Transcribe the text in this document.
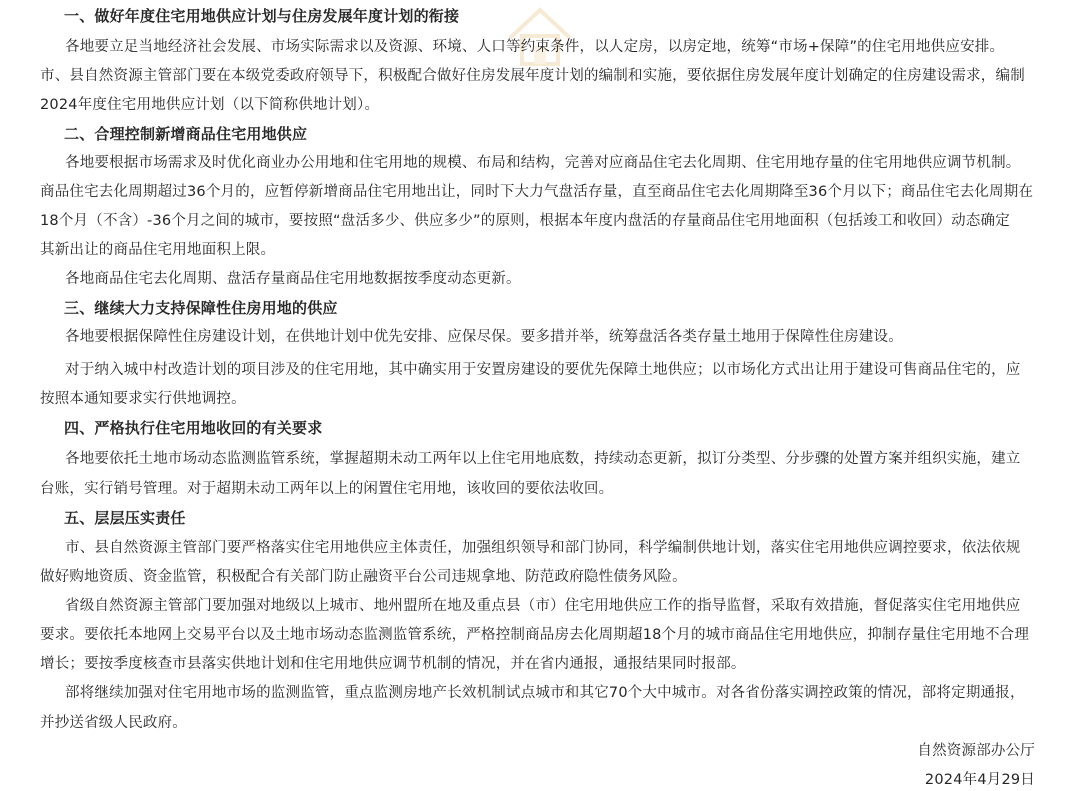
一、做好年度住宅用地供应计划与住房发展年度计划的衔接
各地要立足当地经济社会发展、市场实际需求以及资源、环境、人口等约束条件，以人定房，以房定地，统筹“市场+保障”的住宅用地供应安排。
市、县自然资源主管部门要在本级党委政府领导下，积极配合做好住房发展年度计划的编制和实施，要依据住房发展年度计划确定的住房建设需求，编制
2024年度住宅用地供应计划（以下简称供地计划）。
二、合理控制新增商品住宅用地供应
各地要根据市场需求及时优化商业办公用地和住宅用地的规模、布局和结构，完善对应商品住宅去化周期、住宅用地存量的住宅用地供应调节机制。
商品住宅去化周期超过36个月的，应暂停新增商品住宅用地出让，同时下大力气盘活存量，直至商品住宅去化周期降至36个月以下；商品住宅去化周期在
18个月（不含）-36个月之间的城市，要按照“盘活多少、供应多少”的原则，根据本年度内盘活的存量商品住宅用地面积（包括竣工和收回）动态确定
其新出让的商品住宅用地面积上限。
各地商品住宅去化周期、盘活存量商品住宅用地数据按季度动态更新。
三、继续大力支持保障性住房用地的供应
各地要根据保障性住房建设计划，在供地计划中优先安排、应保尽保。要多措并举，统筹盘活各类存量土地用于保障性住房建设。
对于纳入城中村改造计划的项目涉及的住宅用地，其中确实用于安置房建设的要优先保障土地供应；以市场化方式出让用于建设可售商品住宅的，应
按照本通知要求实行供地调控。
四、严格执行住宅用地收回的有关要求
各地要依托土地市场动态监测监管系统，掌握超期未动工两年以上住宅用地底数，持续动态更新，拟订分类型、分步骤的处置方案并组织实施，建立
台账，实行销号管理。对于超期未动工两年以上的闲置住宅用地，该收回的要依法收回。
五、层层压实责任
市、县自然资源主管部门要严格落实住宅用地供应主体责任，加强组织领导和部门协同，科学编制供地计划，落实住宅用地供应调控要求，依法依规
做好购地资质、资金监管，积极配合有关部门防止融资平台公司违规拿地、防范政府隐性债务风险。
省级自然资源主管部门要加强对地级以上城市、地州盟所在地及重点县（市）住宅用地供应工作的指导监督，采取有效措施，督促落实住宅用地供应
要求。要依托本地网上交易平台以及土地市场动态监测监管系统，严格控制商品房去化周期超18个月的城市商品住宅用地供应，抑制存量住宅用地不合理
增长；要按季度核查市县落实供地计划和住宅用地供应调节机制的情况，并在省内通报，通报结果同时报部。
部将继续加强对住宅用地市场的监测监管，重点监测房地产长效机制试点城市和其它70个大中城市。对各省份落实调控政策的情况，部将定期通报，
并抄送省级人民政府。
自然资源部办公厅
2024年4月29日
